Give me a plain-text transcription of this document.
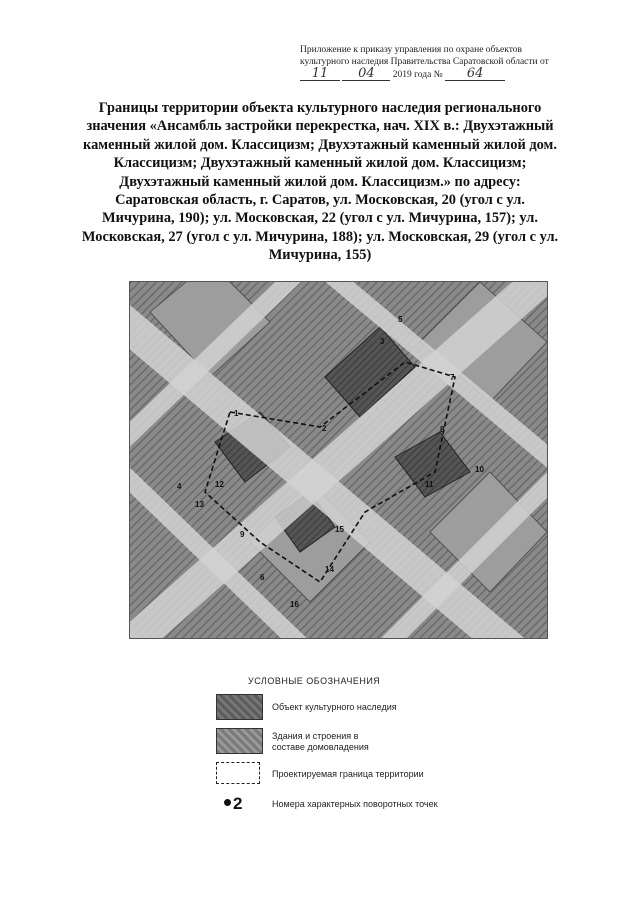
Приложение к приказу управления по охране объектов
культурного наследия Правительства Саратовской области от
11 04 2019 года № 64
Границы территории объекта культурного наследия регионального значения «Ансамбль застройки перекрестка, нач. XIX в.: Двухэтажный каменный жилой дом. Классицизм; Двухэтажный каменный жилой дом. Классицизм; Двухэтажный каменный жилой дом. Классицизм; Двухэтажный каменный жилой дом. Классицизм.» по адресу: Саратовская область, г. Саратов, ул. Московская, 20 (угол с ул. Мичурина, 190); ул. Московская, 22 (угол с ул. Мичурина, 157); ул. Московская, 27 (угол с ул. Мичурина, 188); ул. Московская, 29 (угол с ул. Мичурина, 155)
1
2
3
4
5
6
7
8
9
10
11
12
13
14
15
16
УСЛОВНЫЕ ОБОЗНАЧЕНИЯ
Объект культурного наследия
Здания и строения в составе домовладения
Проектируемая граница территории
2	Номера характерных поворотных точек
